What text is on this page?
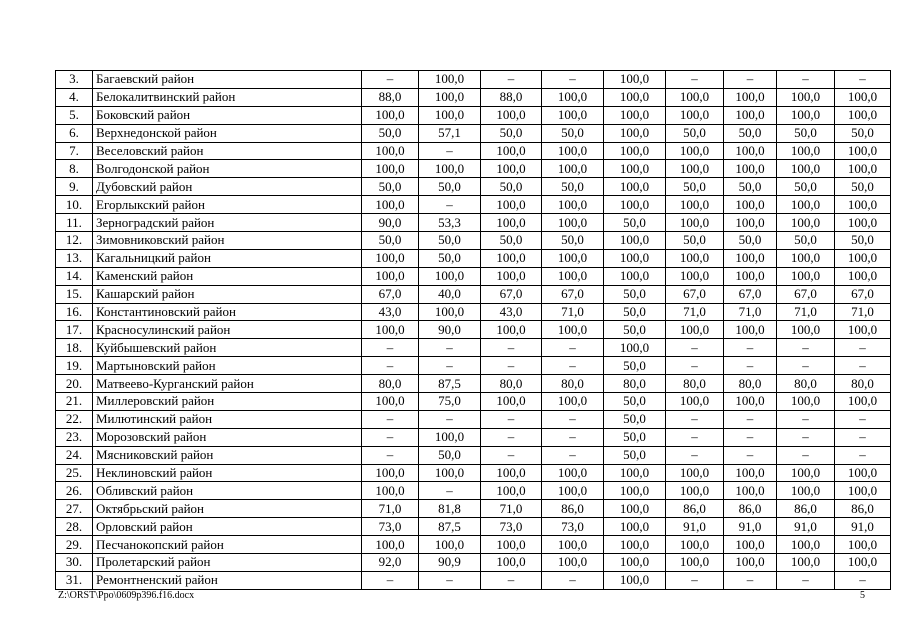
3.	Багаевский район	–	100,0	–	–	100,0	–	–	–	–
4.	Белокалитвинский район	88,0	100,0	88,0	100,0	100,0	100,0	100,0	100,0	100,0
5.	Боковский район	100,0	100,0	100,0	100,0	100,0	100,0	100,0	100,0	100,0
6.	Верхнедонской район	50,0	57,1	50,0	50,0	100,0	50,0	50,0	50,0	50,0
7.	Веселовский район	100,0	–	100,0	100,0	100,0	100,0	100,0	100,0	100,0
8.	Волгодонской район	100,0	100,0	100,0	100,0	100,0	100,0	100,0	100,0	100,0
9.	Дубовский район	50,0	50,0	50,0	50,0	100,0	50,0	50,0	50,0	50,0
10.	Егорлыкский район	100,0	–	100,0	100,0	100,0	100,0	100,0	100,0	100,0
11.	Зерноградский район	90,0	53,3	100,0	100,0	50,0	100,0	100,0	100,0	100,0
12.	Зимовниковский район	50,0	50,0	50,0	50,0	100,0	50,0	50,0	50,0	50,0
13.	Кагальницкий район	100,0	50,0	100,0	100,0	100,0	100,0	100,0	100,0	100,0
14.	Каменский район	100,0	100,0	100,0	100,0	100,0	100,0	100,0	100,0	100,0
15.	Кашарский район	67,0	40,0	67,0	67,0	50,0	67,0	67,0	67,0	67,0
16.	Константиновский район	43,0	100,0	43,0	71,0	50,0	71,0	71,0	71,0	71,0
17.	Красносулинский район	100,0	90,0	100,0	100,0	50,0	100,0	100,0	100,0	100,0
18.	Куйбышевский район	–	–	–	–	100,0	–	–	–	–
19.	Мартыновский район	–	–	–	–	50,0	–	–	–	–
20.	Матвеево-Курганский район	80,0	87,5	80,0	80,0	80,0	80,0	80,0	80,0	80,0
21.	Миллеровский район	100,0	75,0	100,0	100,0	50,0	100,0	100,0	100,0	100,0
22.	Милютинский район	–	–	–	–	50,0	–	–	–	–
23.	Морозовский район	–	100,0	–	–	50,0	–	–	–	–
24.	Мясниковский район	–	50,0	–	–	50,0	–	–	–	–
25.	Неклиновский район	100,0	100,0	100,0	100,0	100,0	100,0	100,0	100,0	100,0
26.	Обливский район	100,0	–	100,0	100,0	100,0	100,0	100,0	100,0	100,0
27.	Октябрьский район	71,0	81,8	71,0	86,0	100,0	86,0	86,0	86,0	86,0
28.	Орловский район	73,0	87,5	73,0	73,0	100,0	91,0	91,0	91,0	91,0
29.	Песчанокопский район	100,0	100,0	100,0	100,0	100,0	100,0	100,0	100,0	100,0
30.	Пролетарский район	92,0	90,9	100,0	100,0	100,0	100,0	100,0	100,0	100,0
31.	Ремонтненский район	–	–	–	–	100,0	–	–	–	–
Z:\ORST\Ppo\0609p396.f16.docx	5
